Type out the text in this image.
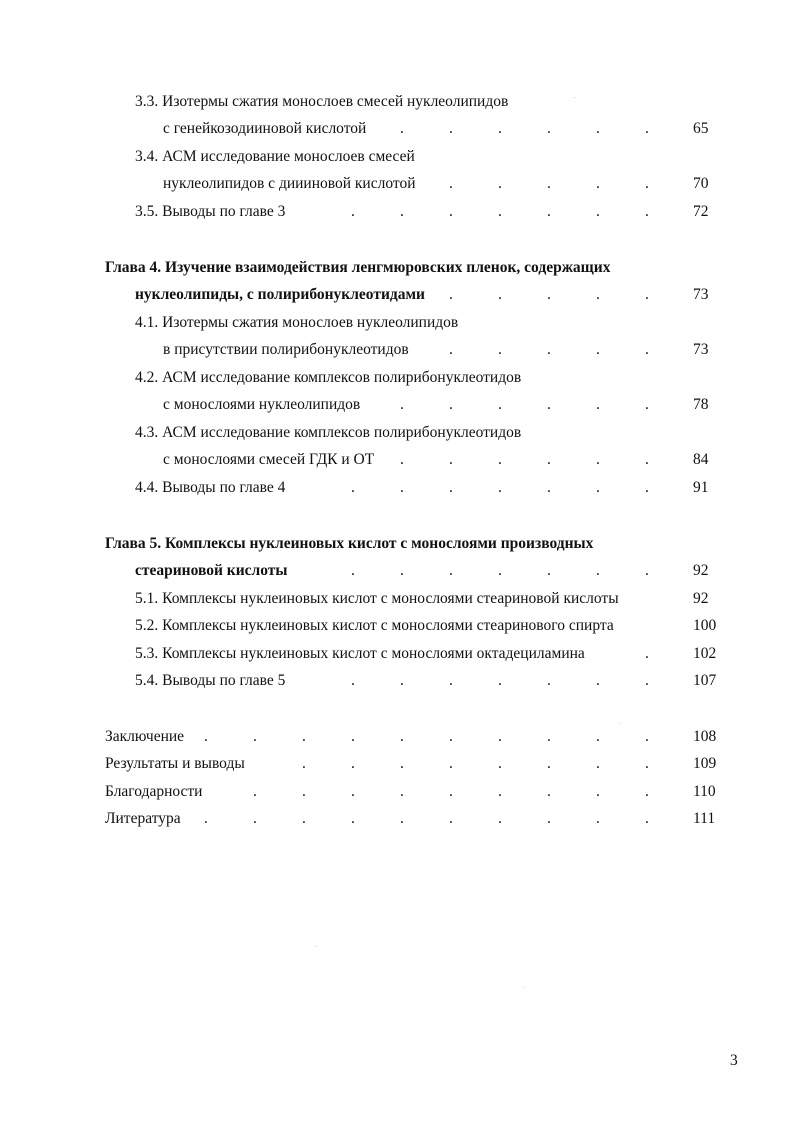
3.3. Изотермы сжатия монослоев смесей нуклеолипидов
с генейкозодииновой кислотой .	.	.	.	.	.	65
3.4. АСМ исследование монослоев смесей
нуклеолипидов с диииновой кислотой .	.	.	.	.	70
3.5. Выводы по главе 3	.	.	.	.	.	.	.	72
Глава 4. Изучение взаимодействия ленгмюровских пленок, содержащих
нуклеолипиды, с полирибонуклеотидами .	.	.	.	.	73
4.1. Изотермы сжатия монослоев нуклеолипидов
в присутствии полирибонуклеотидов	.	.	.	.	.	73
4.2. АСМ исследование комплексов полирибонуклеотидов
с монослоями нуклеолипидов	.	.	.	.	.	.	78
4.3. АСМ исследование комплексов полирибонуклеотидов
с монослоями смесей ГДК и ОТ .	.	.	.	.	.	84
4.4. Выводы по главе 4	.	.	.	.	.	.	.	91
Глава 5. Комплексы нуклеиновых кислот с монослоями производных
стеариновой кислоты	.	.	.	.	.	.	.	92
5.1. Комплексы нуклеиновых кислот с монослоями стеариновой кислоты	92
5.2. Комплексы нуклеиновых кислот с монослоями стеаринового спирта	100
5.3. Комплексы нуклеиновых кислот с монослоями октадециламина	.	102
5.4. Выводы по главе 5	.	.	.	.	.	.	.	107
Заключение .	.	.	.	.	.	.	.	.	.	108
Результаты и выводы	.	.	.	.	.	.	.	.	109
Благодарности	.	.	.	.	.	.	.	.	.	110
Литература .	.	.	.	.	.	.	.	.	.	111
3
